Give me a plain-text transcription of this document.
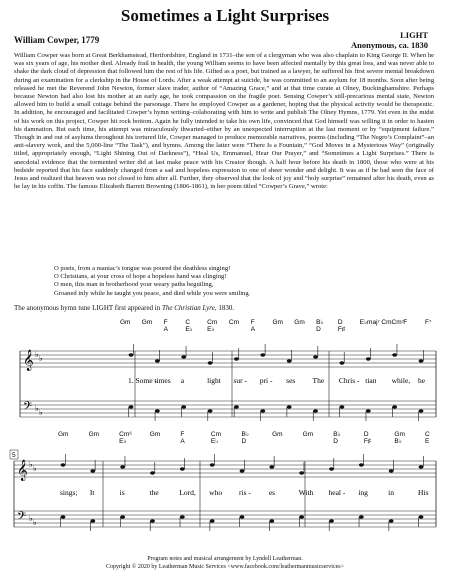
Sometimes a Light Surprises
William Cowper, 1779	LIGHT
Anonymous, ca. 1830
William Cowper was born at Great Berkhamstead, Hertfordshire, England in 1731–the son of a clergyman who was also chaplain to King George II. When he was six years of age, his mother died. Already frail in health, the young William seems to have been affected mentally by this great loss, and was never able to shake the dark cloud of depression that followed him the rest of his life. Gifted as a poet, but trained as a lawyer, he suffered his first severe mental breakdown during an examination for a clerkship in the House of Lords. After a weak attempt at suicide, he was committed to an asylum for 18 months. Soon after being released he met the Reverend John Newton, former slave trader, author of “Amazing Grace,” and at that time curate at Olney, Buckinghamshire. Perhaps because Newton had also lost his mother at an early age, he took compassion on the fragile poet. Sensing Cowper’s still-precarious mental state, Newton allowed him to build a small cottage behind the parsonage. There he employed Cowper as a gardener, hoping that the physical activity would be therapeutic. In addition, he encouraged and facilitated Cowper’s hymn writing–colaborating with him to write and publish The Olney Hymns, 1779. Yet even in the midst of his work on this project, Cowper hit rock bottom. Again he fully intended to take his own life, convinced that God himself was willing it in order to hasten his damnation. But each time, his attempt was miraculously thwarted–either by an unexpected interruption at the last moment or by “equipment failure.” Though in and out of asylums throughout his tortured life, Cowper managed to produce memorable narratives, poems (including “The Negro’s Complaint”–an anti-slavery work, and the 5,000-line “The Task”), and hymns. Among the latter were “There Is a Fountain,” “God Moves in a Mysterious Way” (originally titled, appropriately enough, “Light Shining Out of Darkness”), “Heal Us, Emmanuel, Hear Our Prayer,” and “Sometimes a Light Surprises.” There is anecdotal evidence that the tormented writer did at last make peace with his Creator though. A half hour before his death in 1800, those who were at his bedside reported that his face suddenly changed from a sad and hopeless expression to one of sheer wonder and delight. It was as if he had seen the face of Jesus and realized that heaven was not closed to him after all. Further, they observed that the look of joy and “holy surprise” remained after his death, even as he lay in his coffin. The famous Elizabeth Barrett Browning (1806-1861), in her poem titled “Cowper’s Grave,” wrote:
O poets, from a maniac’s tongue was poured the deathless singing!
O Christians, at your cross of hope a hopeless hand was clinging!
O men, this man in brotherhood your weary paths beguiling,
Groaned inly while he taught you peace, and died while you were smiling.
The anonymous hymn tune LIGHT first appeared in The Christian Lyre, 1830.
𝄞
𝄢
♭ ♭
♭ ♭
Gm Gm F
A
C
E♭
Cm
E♭
Cm F
A
Gm Gm B♭
D
D
F♯
E♭maj⁷ CmCm⁷ F	F⁷
1. Some -
times a	light sur - pri - ses The Chris - tian while, he
𝄞
𝄢
♭ ♭
♭ ♭
Gm	Gm	Cm⁶
E♭
Gm	F
A
Cm
E♭
B♭
D
Gm	Gm	B♭
D
D
F♯
Gm
B♭
C
E
sings; It	is	the	Lord, who ris - es	With heal - ing	in	His
5
Program notes and musical arrangement by Lyndell Leatherman.
Copyright © 2020 by Leatherman Music Services <www.facebook.com/leathermanmusicservices>
